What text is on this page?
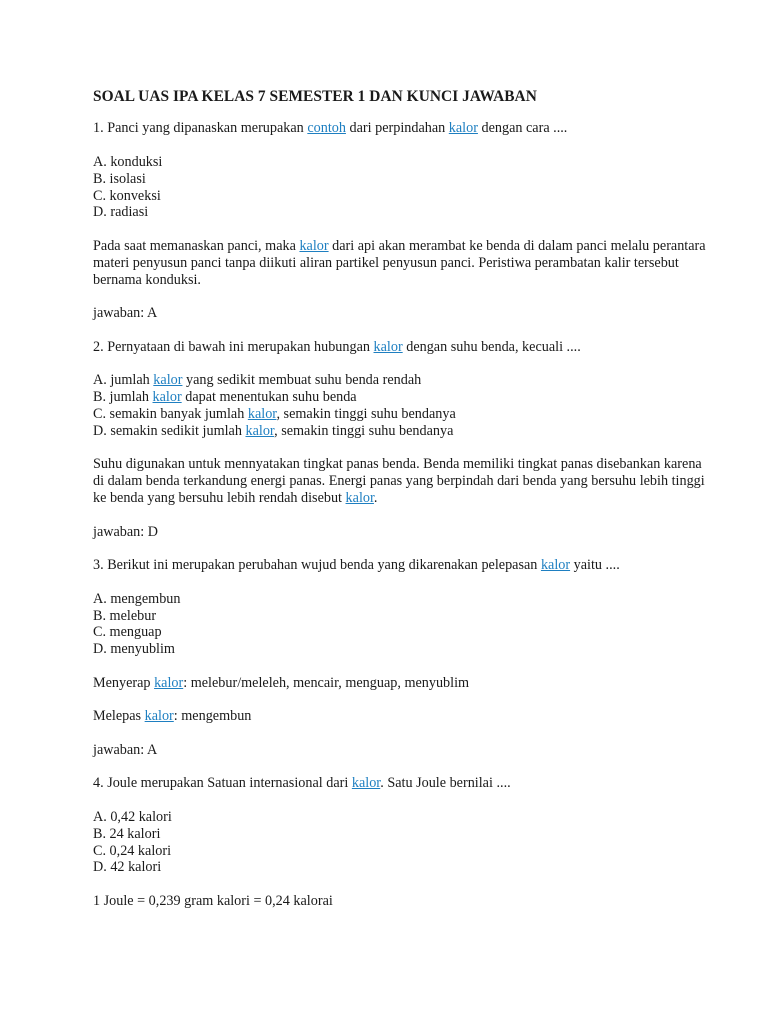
SOAL UAS IPA KELAS 7 SEMESTER 1 DAN KUNCI JAWABAN

1. Panci yang dipanaskan merupakan contoh dari perpindahan kalor dengan cara ....

A. konduksi
B. isolasi
C. konveksi
D. radiasi

Pada saat memanaskan panci, maka kalor dari api akan merambat ke benda di dalam panci melalu perantara materi penyusun panci tanpa diikuti aliran partikel penyusun panci. Peristiwa perambatan kalir tersebut bernama konduksi.

jawaban: A

2. Pernyataan di bawah ini merupakan hubungan kalor dengan suhu benda, kecuali ....

A. jumlah kalor yang sedikit membuat suhu benda rendah
B. jumlah kalor dapat menentukan suhu benda
C. semakin banyak jumlah kalor, semakin tinggi suhu bendanya
D. semakin sedikit jumlah kalor, semakin tinggi suhu bendanya

Suhu digunakan untuk mennyatakan tingkat panas benda. Benda memiliki tingkat panas disebankan karena di dalam benda terkandung energi panas. Energi panas yang berpindah dari benda yang bersuhu lebih tinggi ke benda yang bersuhu lebih rendah disebut kalor.

jawaban: D

3. Berikut ini merupakan perubahan wujud benda yang dikarenakan pelepasan kalor yaitu ....

A. mengembun
B. melebur
C. menguap
D. menyublim

Menyerap kalor: melebur/meleleh, mencair, menguap, menyublim

Melepas kalor: mengembun

jawaban: A

4. Joule merupakan Satuan internasional dari kalor. Satu Joule bernilai ....

A. 0,42 kalori
B. 24 kalori
C. 0,24 kalori
D. 42 kalori

1 Joule = 0,239 gram kalori = 0,24 kalorai
